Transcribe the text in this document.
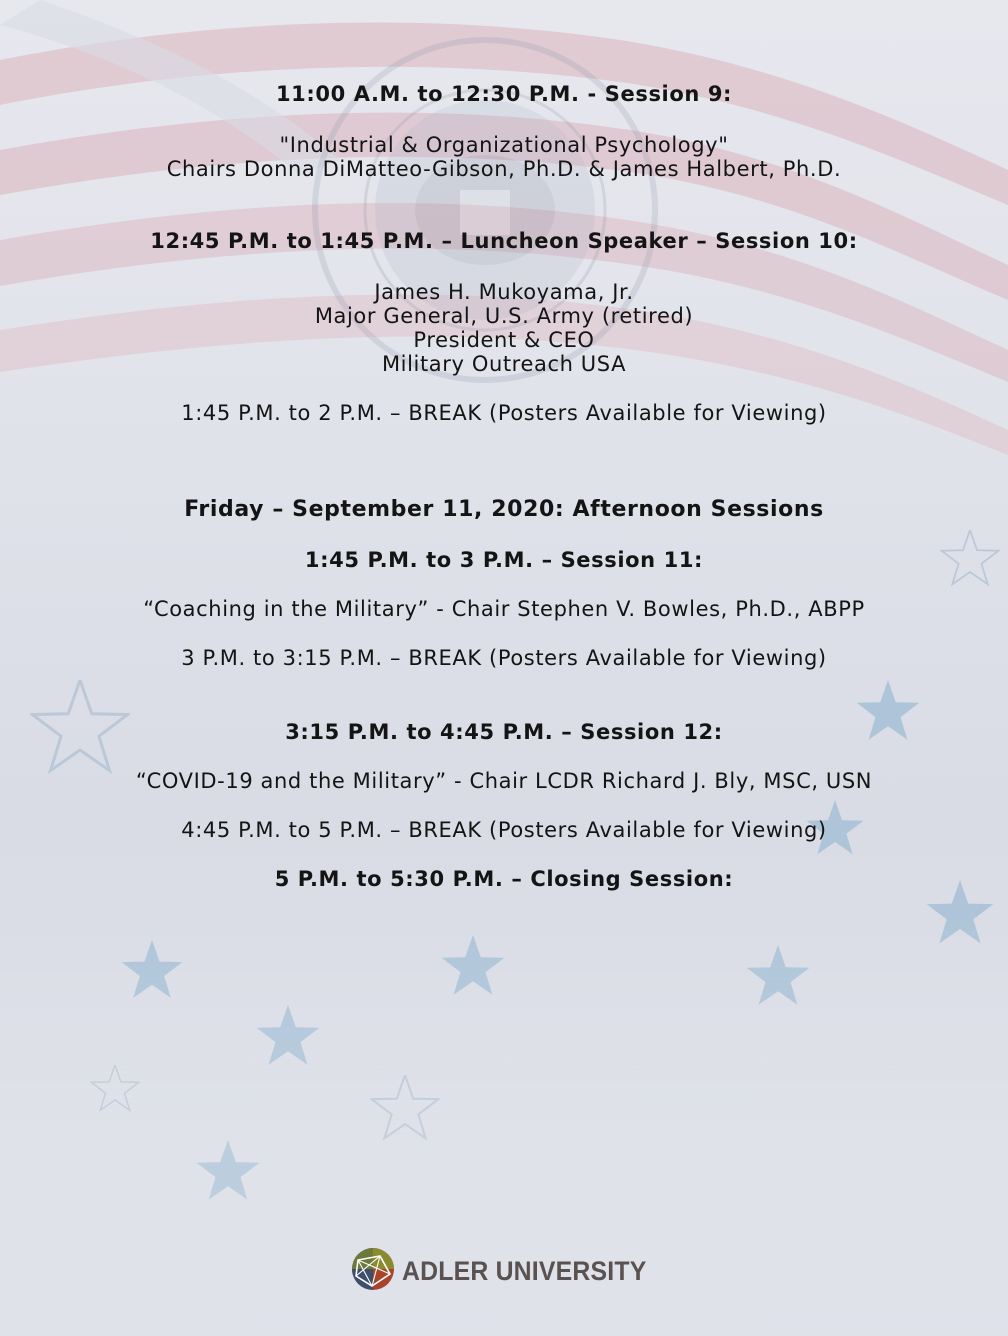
11:00 A.M. to 12:30 P.M. - Session 9:
"Industrial & Organizational Psychology"
Chairs Donna DiMatteo-Gibson, Ph.D. & James Halbert, Ph.D.
12:45 P.M. to 1:45 P.M. – Luncheon Speaker – Session 10:
James H. Mukoyama, Jr.
Major General, U.S. Army (retired)
President & CEO
Military Outreach USA
1:45 P.M. to 2 P.M. – BREAK (Posters Available for Viewing)
Friday – September 11, 2020: Afternoon Sessions
1:45 P.M. to 3 P.M. – Session 11:
“Coaching in the Military” - Chair Stephen V. Bowles, Ph.D., ABPP
3 P.M. to 3:15 P.M. – BREAK (Posters Available for Viewing)
3:15 P.M. to 4:45 P.M. – Session 12:
“COVID-19 and the Military” - Chair LCDR Richard J. Bly, MSC, USN
4:45 P.M. to 5 P.M. – BREAK (Posters Available for Viewing)
5 P.M. to 5:30 P.M. – Closing Session:
ADLER UNIVERSITY
